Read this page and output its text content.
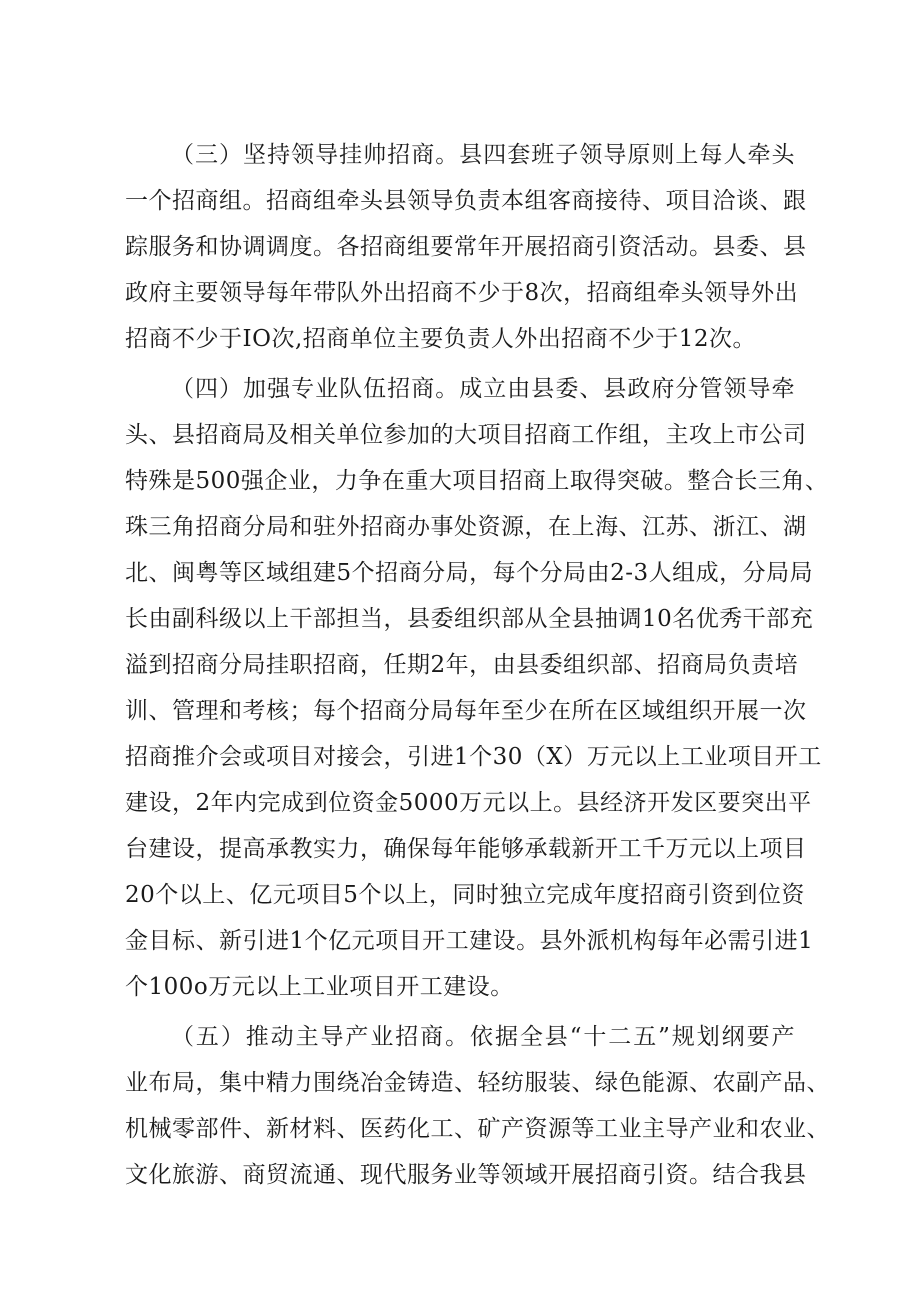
（三）坚持领导挂帅招商。县四套班子领导原则上每人牵头
一个招商组。招商组牵头县领导负责本组客商接待、项目洽谈、跟
踪服务和协调调度。各招商组要常年开展招商引资活动。县委、县
政府主要领导每年带队外出招商不少于8次，招商组牵头领导外出
招商不少于IO次,招商单位主要负责人外出招商不少于12次。
（四）加强专业队伍招商。成立由县委、县政府分管领导牵
头、县招商局及相关单位参加的大项目招商工作组，主攻上市公司
特殊是500强企业，力争在重大项目招商上取得突破。整合长三角、
珠三角招商分局和驻外招商办事处资源，在上海、江苏、浙江、湖
北、闽粤等区域组建5个招商分局，每个分局由2-3人组成，分局局
长由副科级以上干部担当，县委组织部从全县抽调10名优秀干部充
溢到招商分局挂职招商，任期2年，由县委组织部、招商局负责培
训、管理和考核；每个招商分局每年至少在所在区域组织开展一次
招商推介会或项目对接会，引进1个30（X）万元以上工业项目开工
建设，2年内完成到位资金5000万元以上。县经济开发区要突出平
台建设，提高承教实力，确保每年能够承载新开工千万元以上项目
20个以上、亿元项目5个以上，同时独立完成年度招商引资到位资
金目标、新引进1个亿元项目开工建设。县外派机构每年必需引进1
个100o万元以上工业项目开工建设。
（五）推动主导产业招商。依据全县“十二五”规划纲要产
业布局，集中精力围绕冶金铸造、轻纺服装、绿色能源、农副产品、
机械零部件、新材料、医药化工、矿产资源等工业主导产业和农业、
文化旅游、商贸流通、现代服务业等领域开展招商引资。结合我县
